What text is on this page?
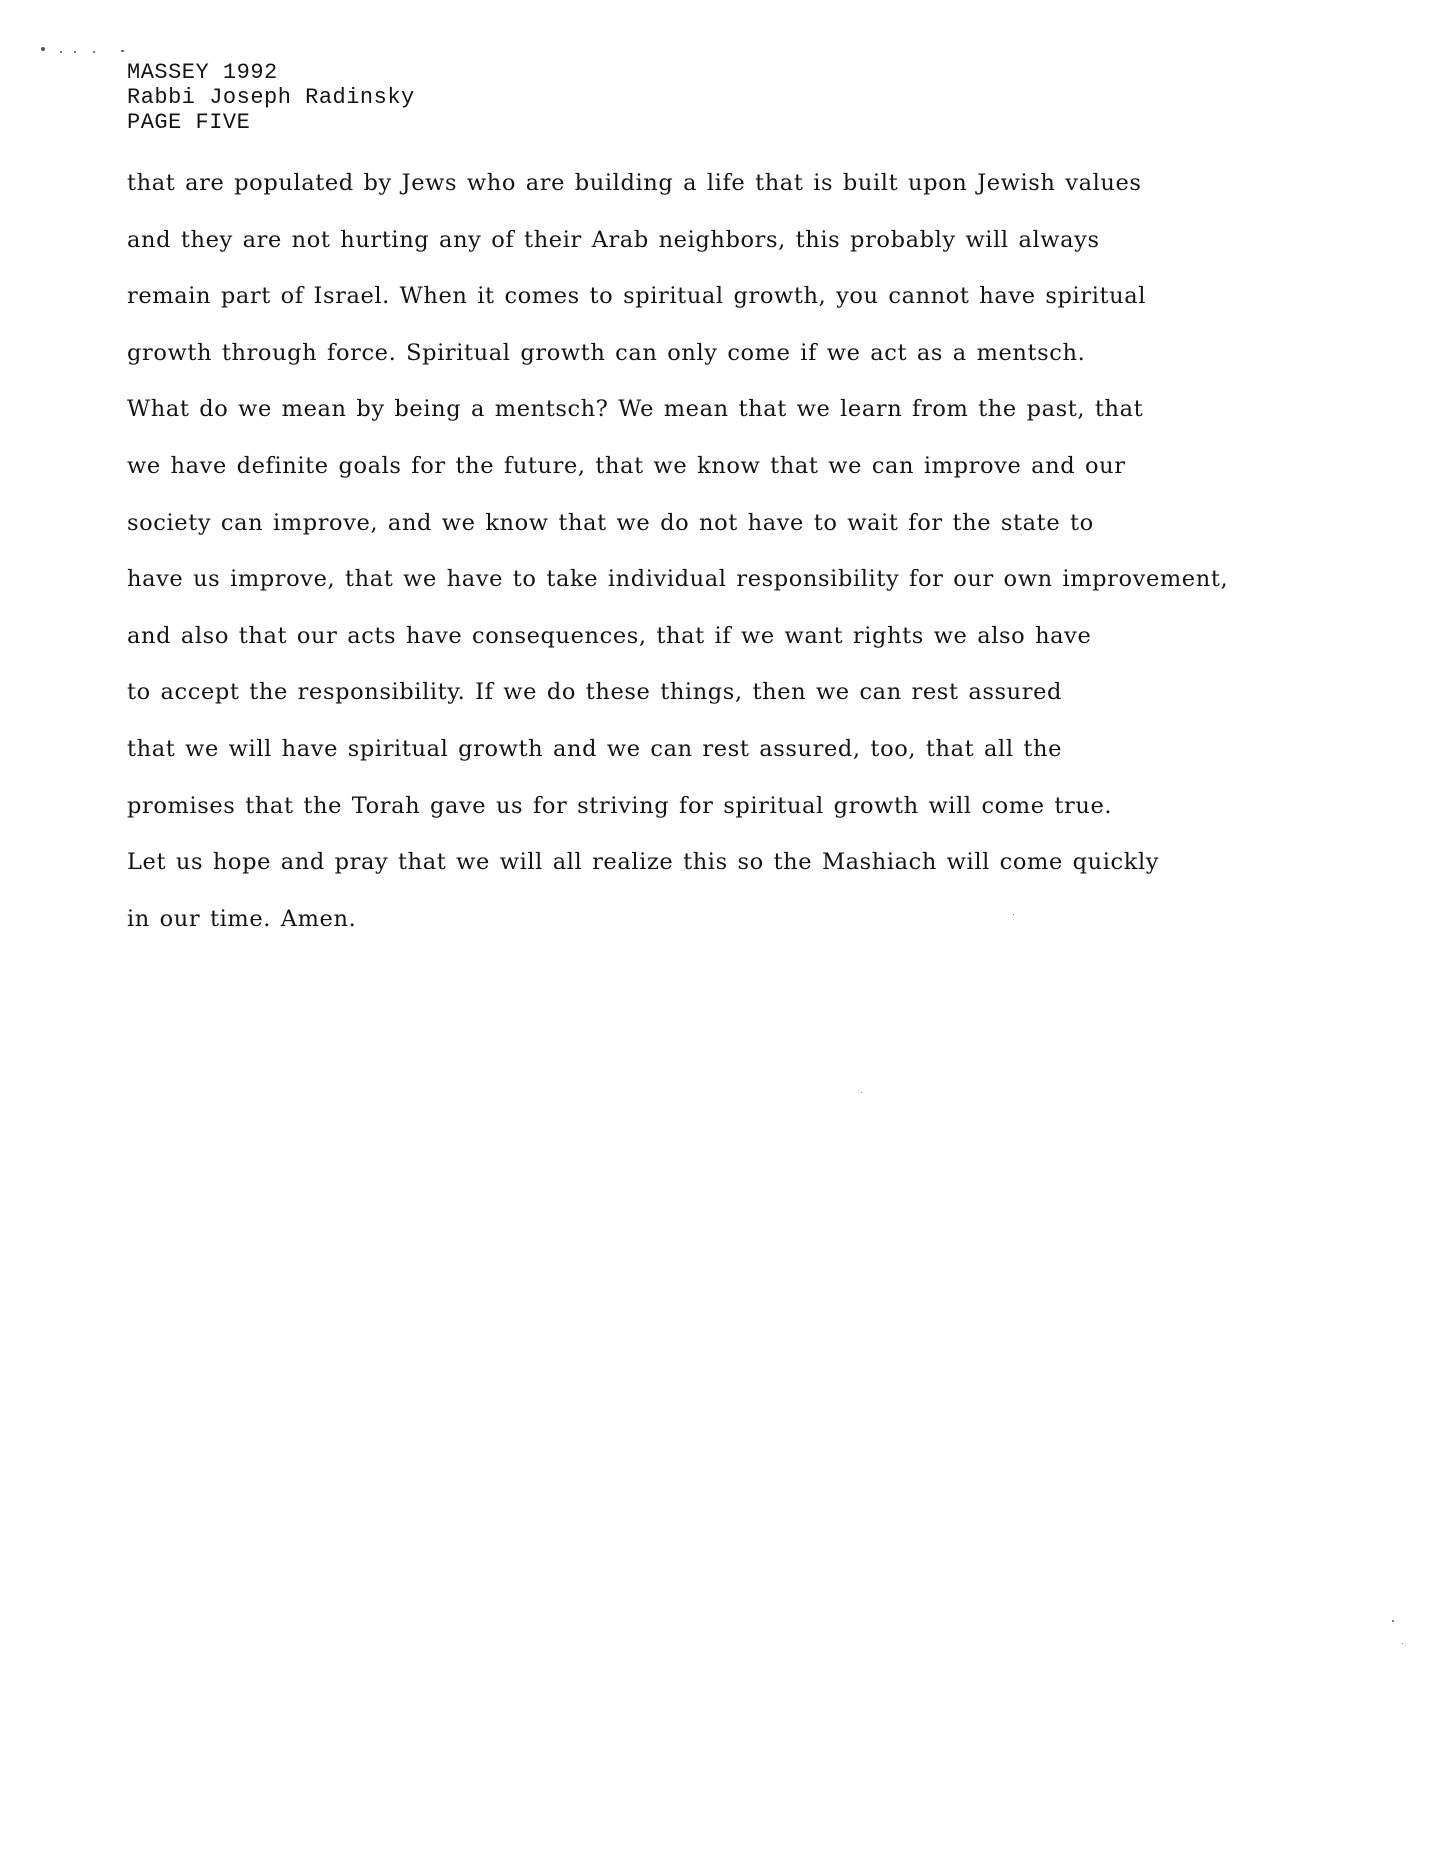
MASSEY 1992
Rabbi Joseph Radinsky
PAGE FIVE
that are populated by Jews who are building a life that is built upon Jewish values
and they are not hurting any of their Arab neighbors, this probably will always
remain part of Israel. When it comes to spiritual growth, you cannot have spiritual
growth through force. Spiritual growth can only come if we act as a mentsch.
What do we mean by being a mentsch? We mean that we learn from the past, that
we have definite goals for the future, that we know that we can improve and our
society can improve, and we know that we do not have to wait for the state to
have us improve, that we have to take individual responsibility for our own improvement,
and also that our acts have consequences, that if we want rights we also have
to accept the responsibility. If we do these things, then we can rest assured
that we will have spiritual growth and we can rest assured, too, that all the
promises that the Torah gave us for striving for spiritual growth will come true.
Let us hope and pray that we will all realize this so the Mashiach will come quickly
in our time. Amen.
